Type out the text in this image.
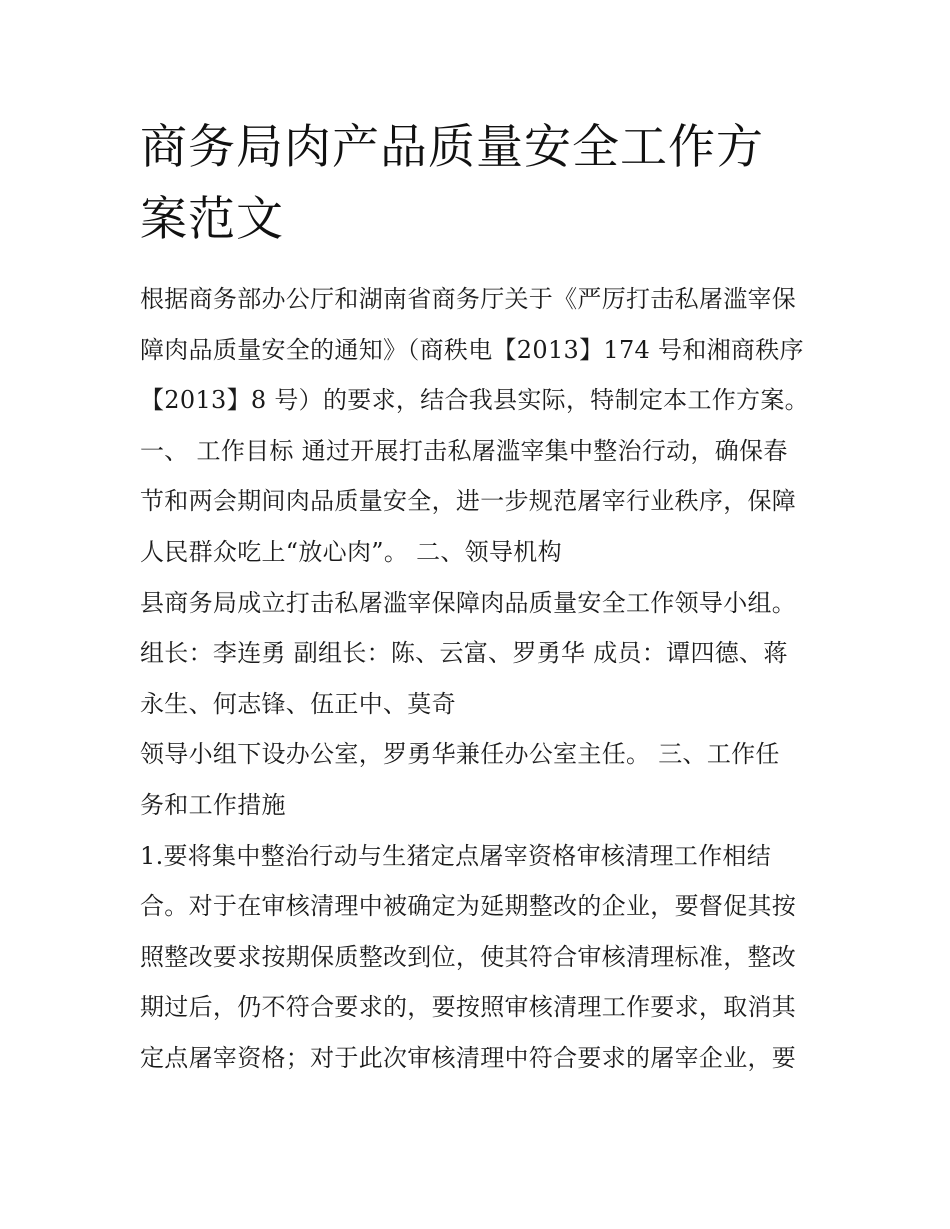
商务局肉产品质量安全工作方
案范文

根据商务部办公厅和湖南省商务厅关于《严厉打击私屠滥宰保

障肉品质量安全的通知》（商秩电【2013】174 号和湘商秩序

【2013】8 号）的要求，结合我县实际，特制定本工作方案。

一、 工作目标 通过开展打击私屠滥宰集中整治行动，确保春

节和两会期间肉品质量安全，进一步规范屠宰行业秩序，保障

人民群众吃上“放心肉”。 二、领导机构

县商务局成立打击私屠滥宰保障肉品质量安全工作领导小组。

组长：李连勇 副组长：陈、云富、罗勇华 成员：谭四德、蒋

永生、何志锋、伍正中、莫奇

领导小组下设办公室，罗勇华兼任办公室主任。 三、工作任

务和工作措施

1.要将集中整治行动与生猪定点屠宰资格审核清理工作相结

合。对于在审核清理中被确定为延期整改的企业，要督促其按

照整改要求按期保质整改到位，使其符合审核清理标准，整改

期过后，仍不符合要求的，要按照审核清理工作要求，取消其

定点屠宰资格；对于此次审核清理中符合要求的屠宰企业，要
